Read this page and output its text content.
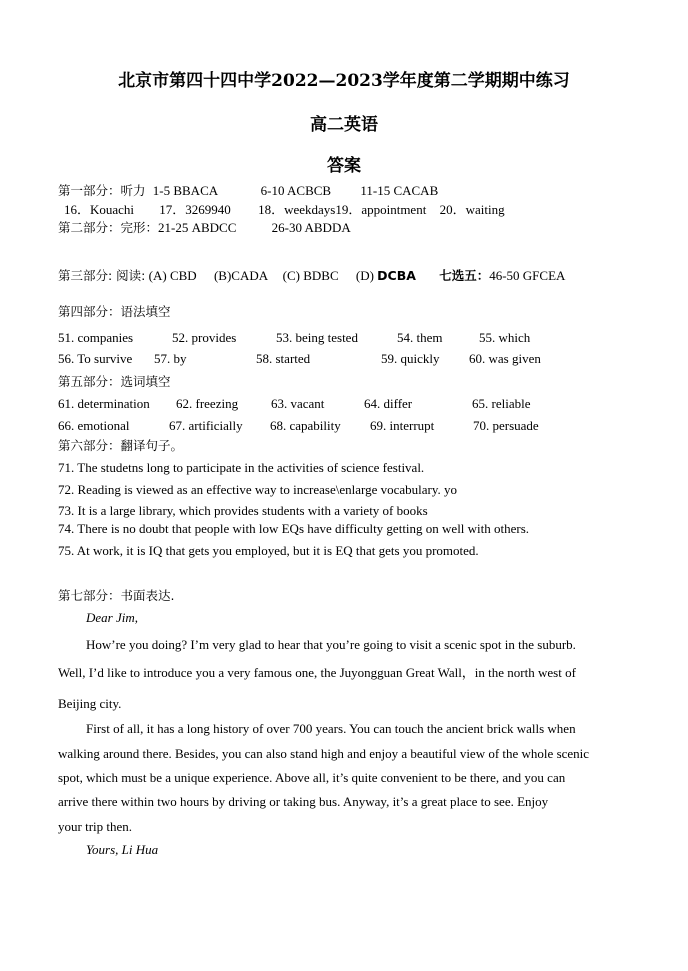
北京市第四十四中学2022—2023学年度第二学期期中练习
高二英语
答案
第一部分：听力 1-5 BBACA	6-10 ACBCB 11-15 CACAB
16．Kouachi 17．3269940 18．weekdays19．appointment 20．waiting
第二部分：完形：21-25 ABDCC	26-30 ABDDA
第三部分: 阅读: (A) CBD (B)CADA (C) BDBC (D) DCBA 七选五：46-50 GFCEA
第四部分：语法填空
51. companies	52. provides	53. being tested	54. them	55. which
56. To survive 57. by	58. started	59. quickly 60. was given
第五部分：选词填空
61. determination 62. freezing	63. vacant	64. differ	65. reliable
66. emotional	67. artificially 68. capability 69. interrupt	70. persuade
第六部分：翻译句子。
71. The studetns long to participate in the activities of science festival.
72. Reading is viewed as an effective way to increase\enlarge vocabulary. yo
73. It is a large library, which provides students with a variety of books
74. There is no doubt that people with low EQs have difficulty getting on well with others.
75. At work, it is IQ that gets you employed, but it is EQ that gets you promoted.
第七部分：书面表达.
Dear Jim,
How’re you doing? I’m very glad to hear that you’re going to visit a scenic spot in the suburb.
Well, I’d like to introduce you a very famous one, the Juyongguan Great Wall，in the north west of
Beijing city.
First of all, it has a long history of over 700 years. You can touch the ancient brick walls when
walking around there. Besides, you can also stand high and enjoy a beautiful view of the whole scenic
spot, which must be a unique experience. Above all, it’s quite convenient to be there, and you can
arrive there within two hours by driving or taking bus. Anyway, it’s a great place to see. Enjoy
your trip then.
Yours, Li Hua
